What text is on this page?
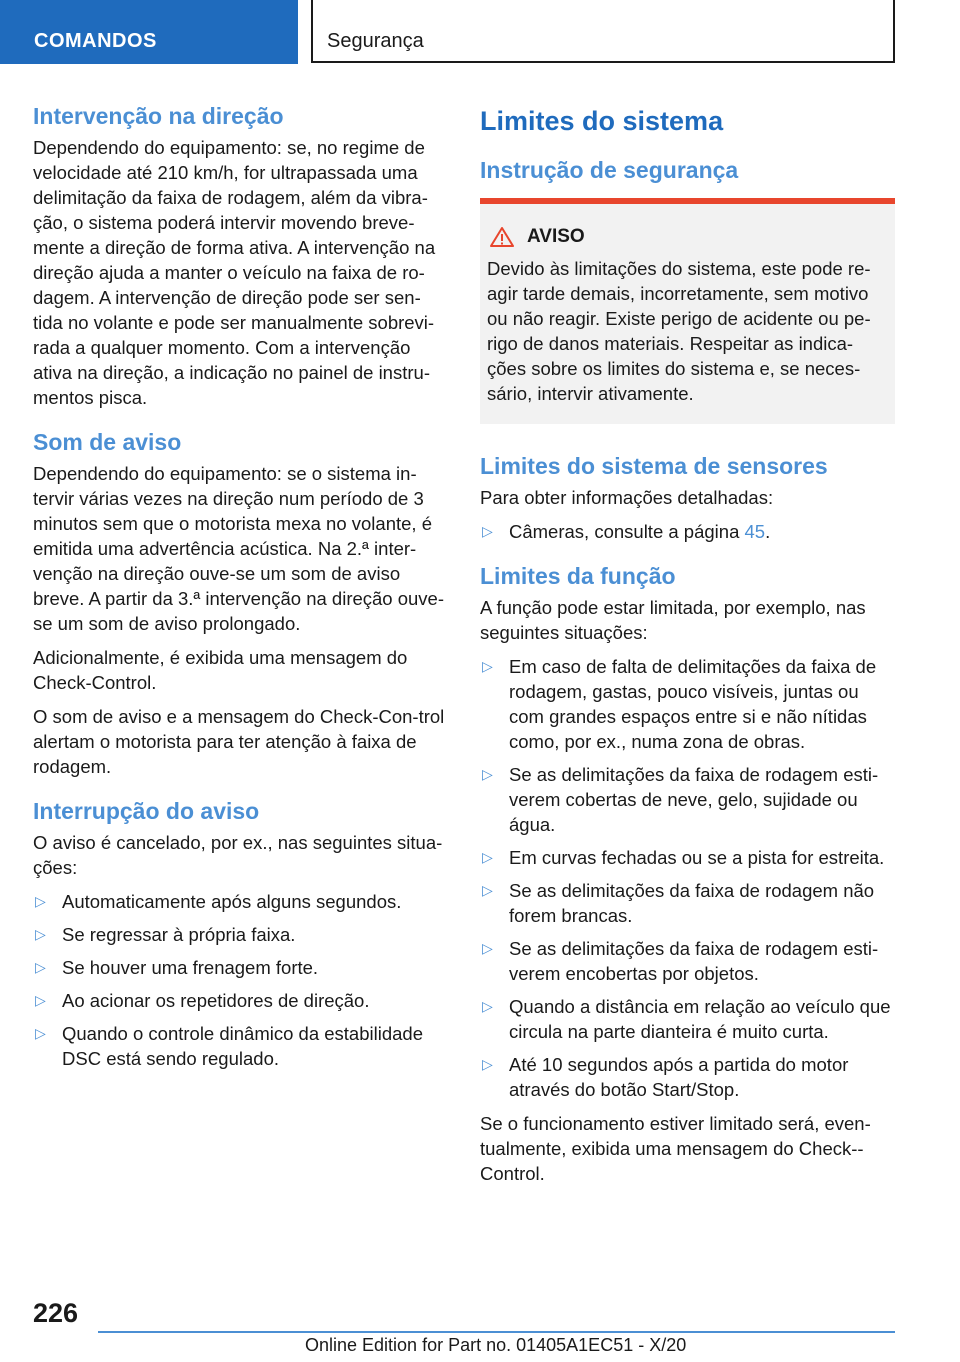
COMANDOS	Segurança
Intervenção na direção

Dependendo do equipamento: se, no regime de velocidade até 210 km/h, for ultrapassada uma delimitação da faixa de rodagem, além da vibra-ção, o sistema poderá intervir movendo breve-mente a direção de forma ativa. A intervenção na direção ajuda a manter o veículo na faixa de ro-dagem. A intervenção de direção pode ser sen-tida no volante e pode ser manualmente sobrevi-rada a qualquer momento. Com a intervenção ativa na direção, a indicação no painel de instru-mentos pisca.

Som de aviso

Dependendo do equipamento: se o sistema in-tervir várias vezes na direção num período de 3 minutos sem que o motorista mexa no volante, é emitida uma advertência acústica. Na 2.ª inter-venção na direção ouve-se um som de aviso breve. A partir da 3.ª intervenção na direção ouve-se um som de aviso prolongado.

Adicionalmente, é exibida uma mensagem do Check-Control.

O som de aviso e a mensagem do Check-Con-trol alertam o motorista para ter atenção à faixa de rodagem.

Interrupção do aviso

O aviso é cancelado, por ex., nas seguintes situa-ções:

▷ Automaticamente após alguns segundos.
▷ Se regressar à própria faixa.
▷ Se houver uma frenagem forte.
▷ Ao acionar os repetidores de direção.
▷ Quando o controle dinâmico da estabilidade DSC está sendo regulado.
Limites do sistema
Instrução de segurança
AVISO

Devido às limitações do sistema, este pode re-agir tarde demais, incorretamente, sem motivo ou não reagir. Existe perigo de acidente ou pe-rigo de danos materiais. Respeitar as indica-ções sobre os limites do sistema e, se neces-sário, intervir ativamente.

Limites do sistema de sensores

Para obter informações detalhadas:

▷ Câmeras, consulte a página 45.
Limites da função

A função pode estar limitada, por exemplo, nas seguintes situações:

▷ Em caso de falta de delimitações da faixa de rodagem, gastas, pouco visíveis, juntas ou com grandes espaços entre si e não nítidas como, por ex., numa zona de obras.
▷ Se as delimitações da faixa de rodagem esti-verem cobertas de neve, gelo, sujidade ou água.
▷ Em curvas fechadas ou se a pista for estreita.
▷ Se as delimitações da faixa de rodagem não forem brancas.
▷ Se as delimitações da faixa de rodagem esti-verem encobertas por objetos.
▷ Quando a distância em relação ao veículo que circula na parte dianteira é muito curta.
▷ Até 10 segundos após a partida do motor através do botão Start/Stop.

Se o funcionamento estiver limitado será, even-tualmente, exibida uma mensagem do Check--Control.

226
Online Edition for Part no. 01405A1EC51 - X/20
